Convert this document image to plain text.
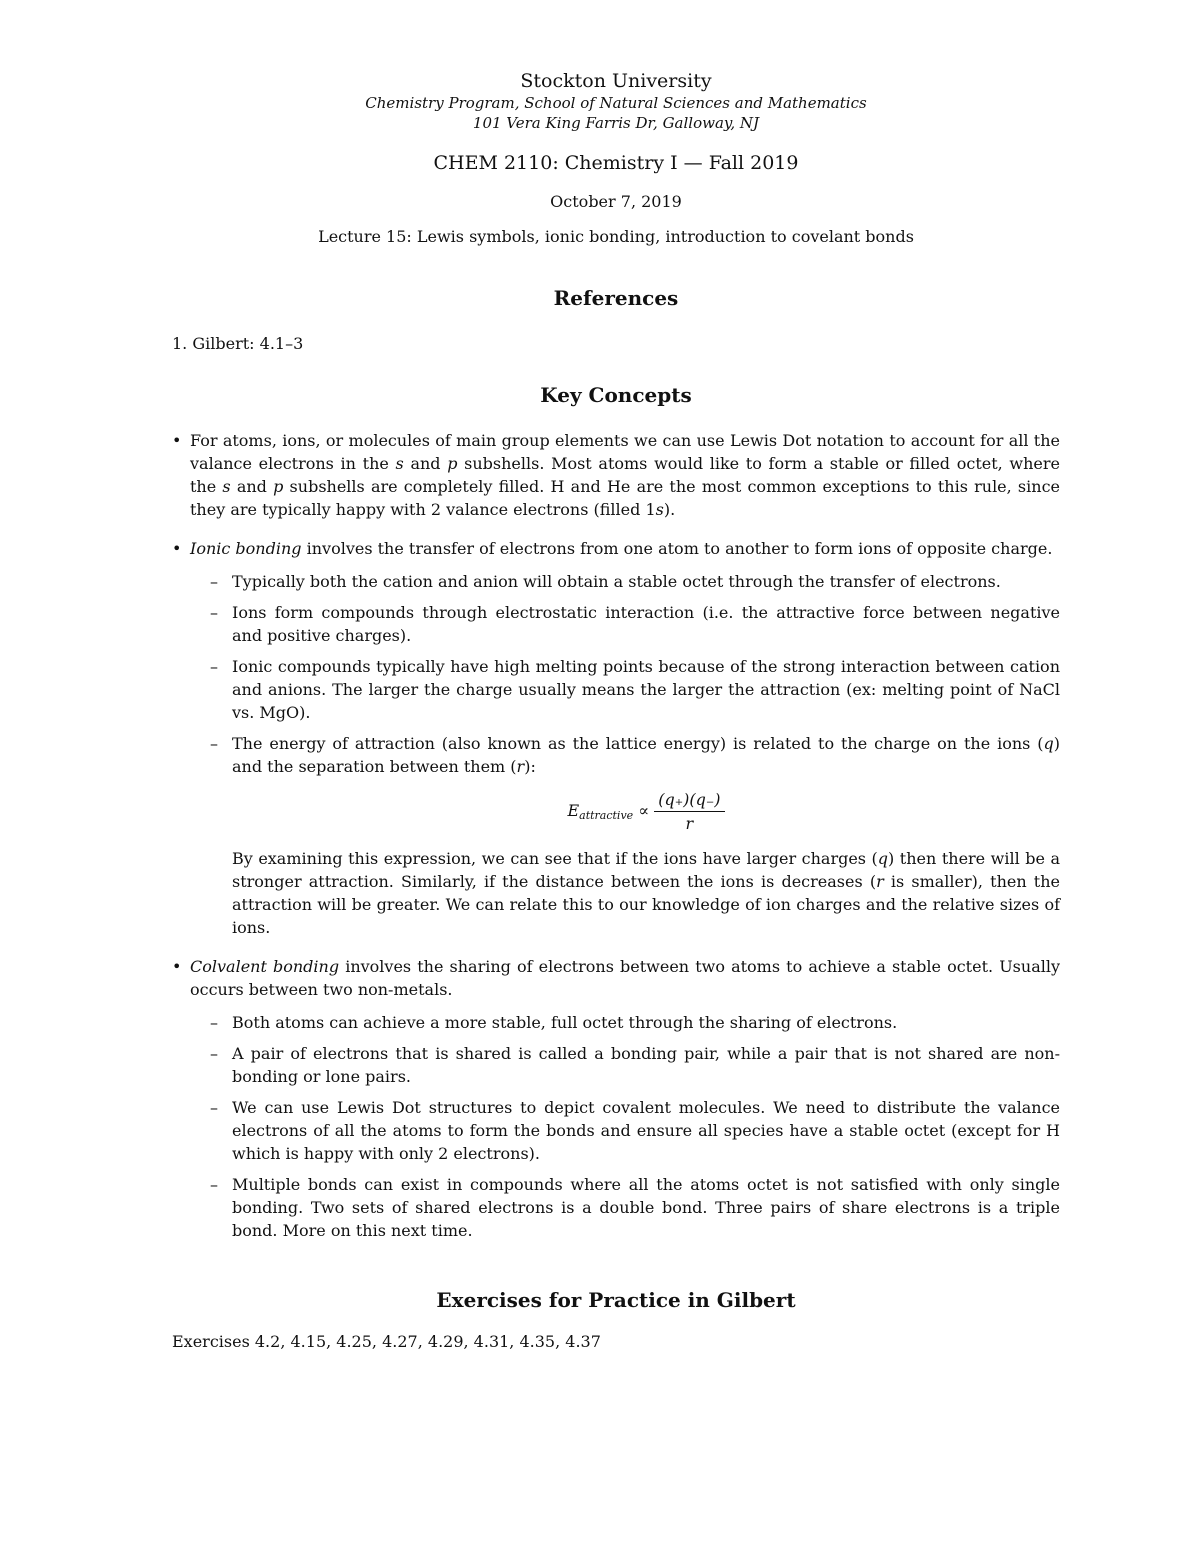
Stockton University
Chemistry Program, School of Natural Sciences and Mathematics
101 Vera King Farris Dr, Galloway, NJ
CHEM 2110: Chemistry I — Fall 2019
October 7, 2019
Lecture 15: Lewis symbols, ionic bonding, introduction to covelant bonds
References
1. Gilbert: 4.1–3
Key Concepts
• For atoms, ions, or molecules of main group elements we can use Lewis Dot notation to account for all the valance electrons in the s and p subshells. Most atoms would like to form a stable or filled octet, where the s and p subshells are completely filled. H and He are the most common exceptions to this rule, since they are typically happy with 2 valance electrons (filled 1s).
• Ionic bonding involves the transfer of electrons from one atom to another to form ions of opposite charge.
– Typically both the cation and anion will obtain a stable octet through the transfer of electrons.
– Ions form compounds through electrostatic interaction (i.e. the attractive force between negative and positive charges).
– Ionic compounds typically have high melting points because of the strong interaction between cation and anions. The larger the charge usually means the larger the attraction (ex: melting point of NaCl vs. MgO).
– The energy of attraction (also known as the lattice energy) is related to the charge on the ions (q) and the separation between them (r):
Eattractive ∝ $\frac{(q_+)(q_-)}{r}$
By examining this expression, we can see that if the ions have larger charges (q) then there will be a stronger attraction. Similarly, if the distance between the ions is decreases (r is smaller), then the attraction will be greater. We can relate this to our knowledge of ion charges and the relative sizes of ions.
• Colvalent bonding involves the sharing of electrons between two atoms to achieve a stable octet. Usually occurs between two non-metals.
– Both atoms can achieve a more stable, full octet through the sharing of electrons.
– A pair of electrons that is shared is called a bonding pair, while a pair that is not shared are non-bonding or lone pairs.
– We can use Lewis Dot structures to depict covalent molecules. We need to distribute the valance electrons of all the atoms to form the bonds and ensure all species have a stable octet (except for H which is happy with only 2 electrons).
– Multiple bonds can exist in compounds where all the atoms octet is not satisfied with only single bonding. Two sets of shared electrons is a double bond. Three pairs of share electrons is a triple bond. More on this next time.
Exercises for Practice in Gilbert
Exercises 4.2, 4.15, 4.25, 4.27, 4.29, 4.31, 4.35, 4.37
